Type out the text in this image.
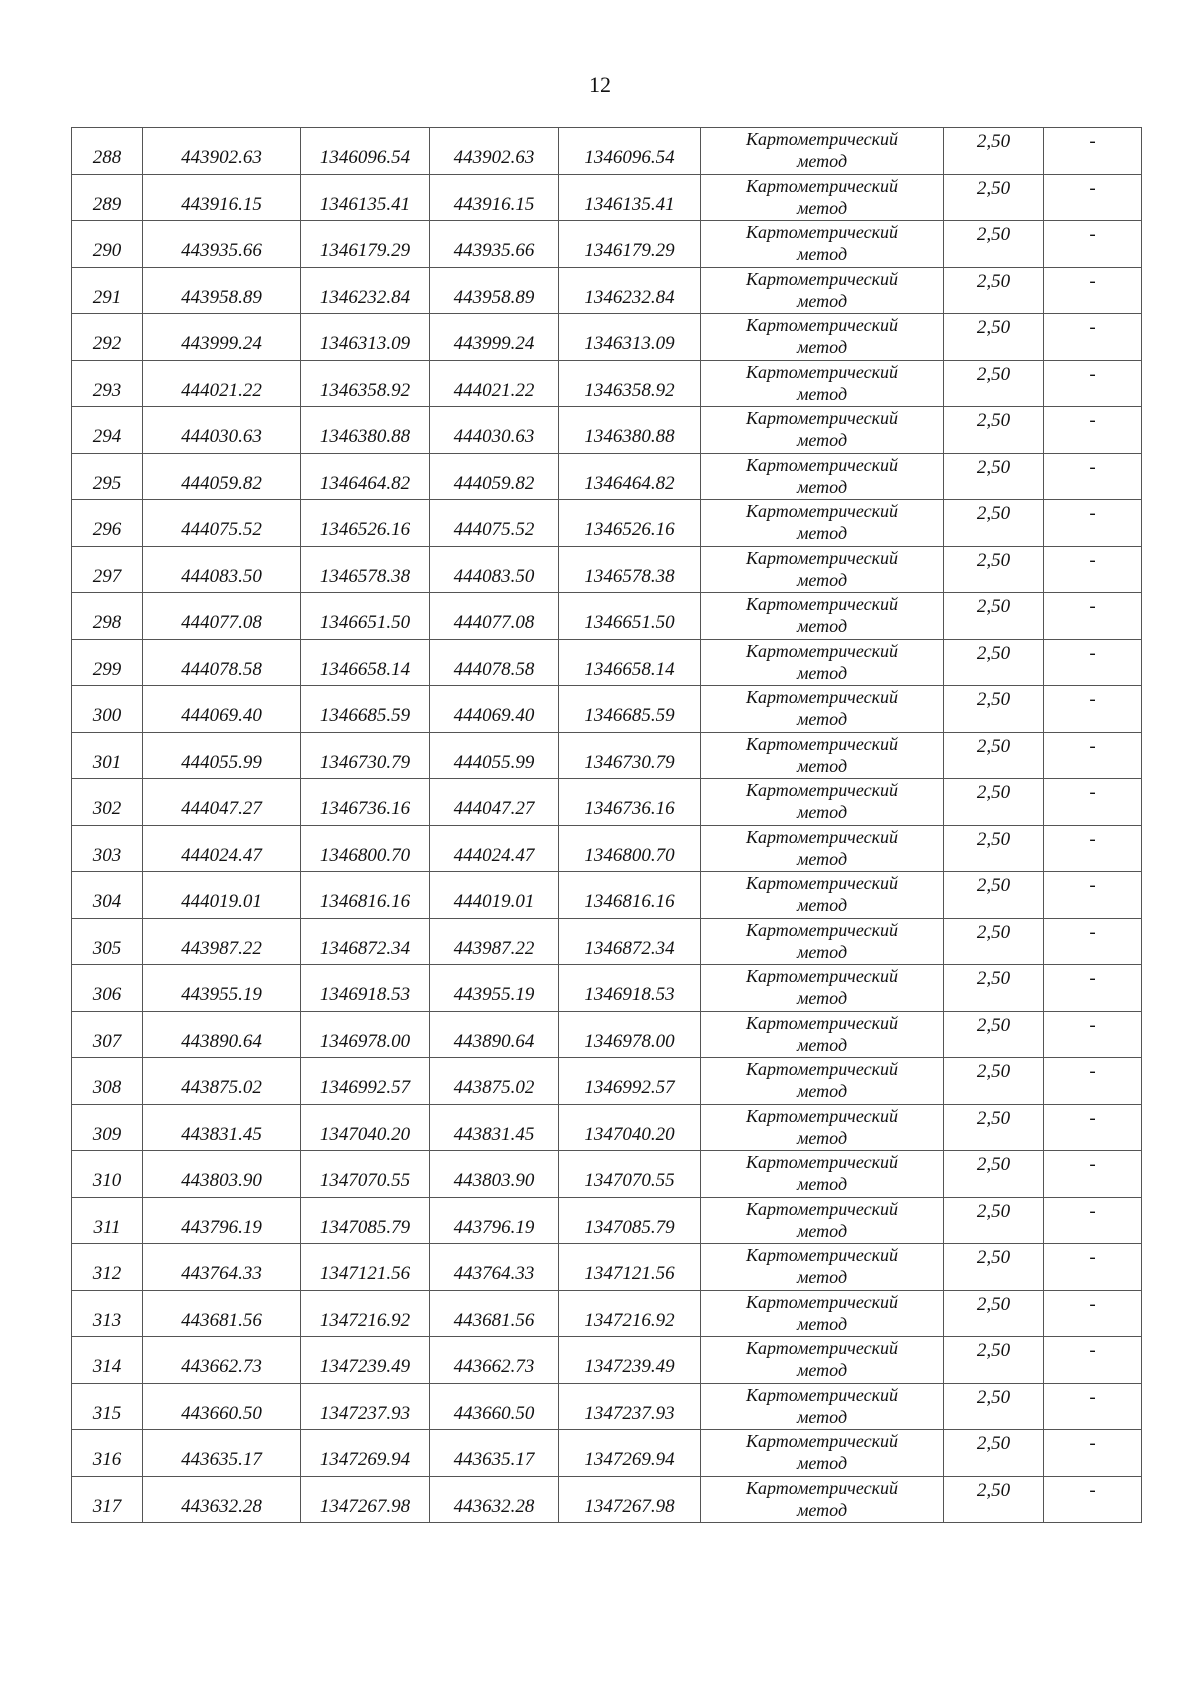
12
288	443902.63	1346096.54	443902.63	1346096.54	Картометрический
метод	2,50	-
289	443916.15	1346135.41	443916.15	1346135.41	Картометрический
метод	2,50	-
290	443935.66	1346179.29	443935.66	1346179.29	Картометрический
метод	2,50	-
291	443958.89	1346232.84	443958.89	1346232.84	Картометрический
метод	2,50	-
292	443999.24	1346313.09	443999.24	1346313.09	Картометрический
метод	2,50	-
293	444021.22	1346358.92	444021.22	1346358.92	Картометрический
метод	2,50	-
294	444030.63	1346380.88	444030.63	1346380.88	Картометрический
метод	2,50	-
295	444059.82	1346464.82	444059.82	1346464.82	Картометрический
метод	2,50	-
296	444075.52	1346526.16	444075.52	1346526.16	Картометрический
метод	2,50	-
297	444083.50	1346578.38	444083.50	1346578.38	Картометрический
метод	2,50	-
298	444077.08	1346651.50	444077.08	1346651.50	Картометрический
метод	2,50	-
299	444078.58	1346658.14	444078.58	1346658.14	Картометрический
метод	2,50	-
300	444069.40	1346685.59	444069.40	1346685.59	Картометрический
метод	2,50	-
301	444055.99	1346730.79	444055.99	1346730.79	Картометрический
метод	2,50	-
302	444047.27	1346736.16	444047.27	1346736.16	Картометрический
метод	2,50	-
303	444024.47	1346800.70	444024.47	1346800.70	Картометрический
метод	2,50	-
304	444019.01	1346816.16	444019.01	1346816.16	Картометрический
метод	2,50	-
305	443987.22	1346872.34	443987.22	1346872.34	Картометрический
метод	2,50	-
306	443955.19	1346918.53	443955.19	1346918.53	Картометрический
метод	2,50	-
307	443890.64	1346978.00	443890.64	1346978.00	Картометрический
метод	2,50	-
308	443875.02	1346992.57	443875.02	1346992.57	Картометрический
метод	2,50	-
309	443831.45	1347040.20	443831.45	1347040.20	Картометрический
метод	2,50	-
310	443803.90	1347070.55	443803.90	1347070.55	Картометрический
метод	2,50	-
311	443796.19	1347085.79	443796.19	1347085.79	Картометрический
метод	2,50	-
312	443764.33	1347121.56	443764.33	1347121.56	Картометрический
метод	2,50	-
313	443681.56	1347216.92	443681.56	1347216.92	Картометрический
метод	2,50	-
314	443662.73	1347239.49	443662.73	1347239.49	Картометрический
метод	2,50	-
315	443660.50	1347237.93	443660.50	1347237.93	Картометрический
метод	2,50	-
316	443635.17	1347269.94	443635.17	1347269.94	Картометрический
метод	2,50	-
317	443632.28	1347267.98	443632.28	1347267.98	Картометрический
метод	2,50	-
